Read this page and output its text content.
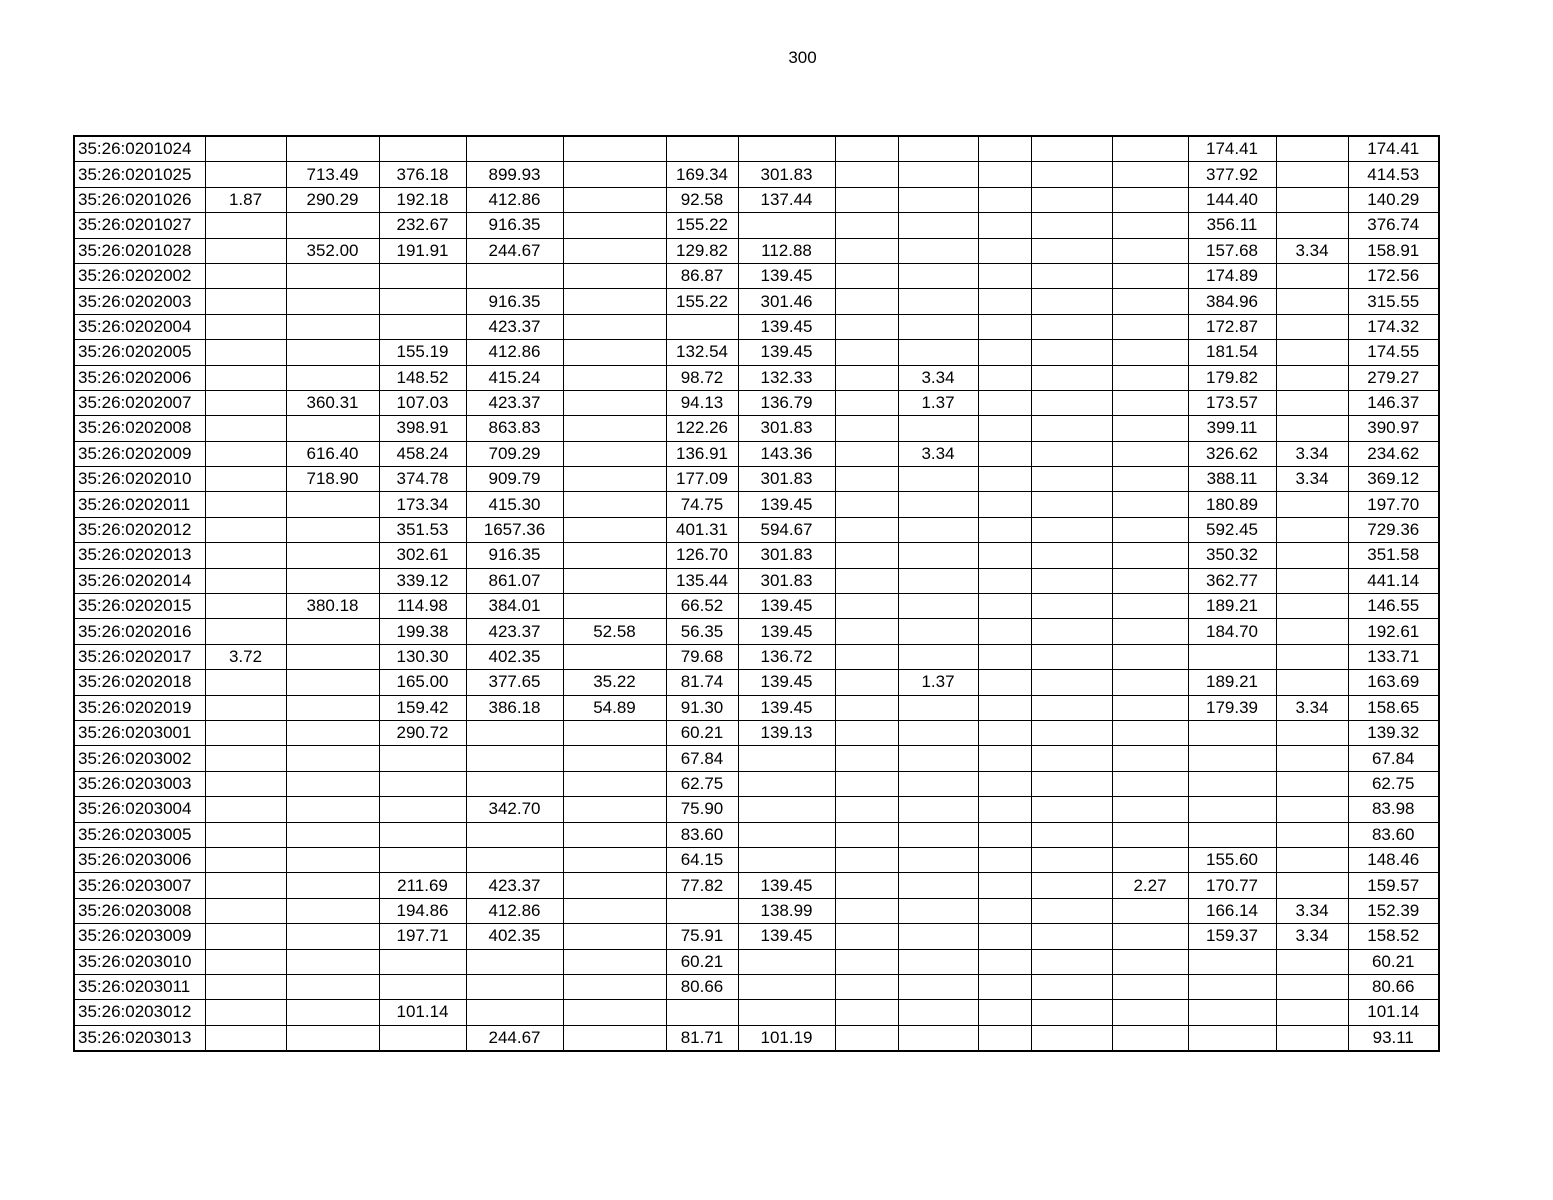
300
35:26:0201024													174.41		174.41
35:26:0201025		713.49	376.18	899.93		169.34	301.83						377.92		414.53
35:26:0201026	1.87	290.29	192.18	412.86		92.58	137.44						144.40		140.29
35:26:0201027			232.67	916.35		155.22							356.11		376.74
35:26:0201028		352.00	191.91	244.67		129.82	112.88						157.68	3.34	158.91
35:26:0202002						86.87	139.45						174.89		172.56
35:26:0202003				916.35		155.22	301.46						384.96		315.55
35:26:0202004				423.37			139.45						172.87		174.32
35:26:0202005			155.19	412.86		132.54	139.45						181.54		174.55
35:26:0202006			148.52	415.24		98.72	132.33		3.34				179.82		279.27
35:26:0202007		360.31	107.03	423.37		94.13	136.79		1.37				173.57		146.37
35:26:0202008			398.91	863.83		122.26	301.83						399.11		390.97
35:26:0202009		616.40	458.24	709.29		136.91	143.36		3.34				326.62	3.34	234.62
35:26:0202010		718.90	374.78	909.79		177.09	301.83						388.11	3.34	369.12
35:26:0202011			173.34	415.30		74.75	139.45						180.89		197.70
35:26:0202012			351.53	1657.36		401.31	594.67						592.45		729.36
35:26:0202013			302.61	916.35		126.70	301.83						350.32		351.58
35:26:0202014			339.12	861.07		135.44	301.83						362.77		441.14
35:26:0202015		380.18	114.98	384.01		66.52	139.45						189.21		146.55
35:26:0202016			199.38	423.37	52.58	56.35	139.45						184.70		192.61
35:26:0202017	3.72		130.30	402.35		79.68	136.72								133.71
35:26:0202018			165.00	377.65	35.22	81.74	139.45		1.37				189.21		163.69
35:26:0202019			159.42	386.18	54.89	91.30	139.45						179.39	3.34	158.65
35:26:0203001			290.72			60.21	139.13								139.32
35:26:0203002						67.84									67.84
35:26:0203003						62.75									62.75
35:26:0203004				342.70		75.90									83.98
35:26:0203005						83.60									83.60
35:26:0203006						64.15							155.60		148.46
35:26:0203007			211.69	423.37		77.82	139.45					2.27	170.77		159.57
35:26:0203008			194.86	412.86			138.99						166.14	3.34	152.39
35:26:0203009			197.71	402.35		75.91	139.45						159.37	3.34	158.52
35:26:0203010						60.21									60.21
35:26:0203011						80.66									80.66
35:26:0203012			101.14												101.14
35:26:0203013				244.67		81.71	101.19								93.11
